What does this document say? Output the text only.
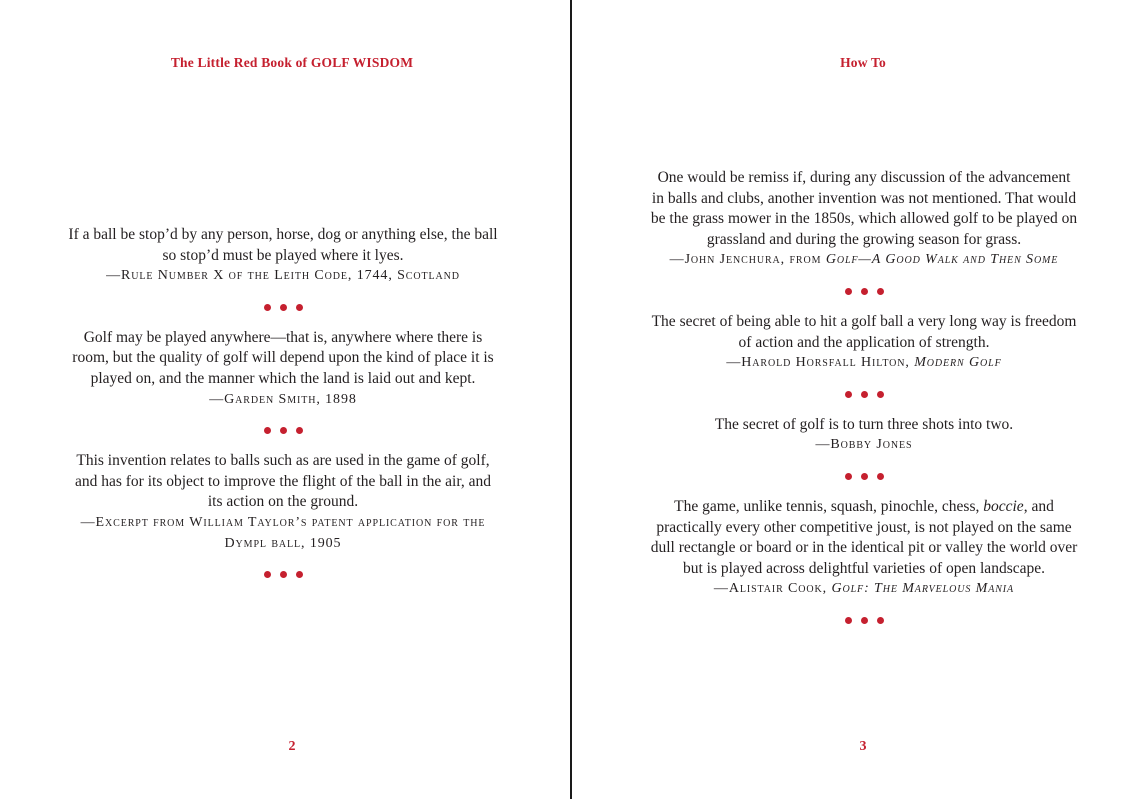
The Little Red Book of GOLF WISDOM

If a ball be stop’d by any person, horse, dog or anything else, the ball so stop’d must be played where it lyes.

—Rule Number X of the Leith Code, 1744, Scotland

Golf may be played anywhere—that is, anywhere where there is room, but the quality of golf will depend upon the kind of place it is played on, and the manner which the land is laid out and kept.

—Garden Smith, 1898

This invention relates to balls such as are used in the game of golf, and has for its object to improve the flight of the ball in the air, and its action on the ground.

—Excerpt from William Taylor’s patent application for the Dympl ball, 1905

2
How To

One would be remiss if, during any discussion of the advancement in balls and clubs, another invention was not mentioned. That would be the grass mower in the 1850s, which allowed golf to be played on grassland and during the growing season for grass.

—John Jenchura, from Golf—A Good Walk and Then Some

The secret of being able to hit a golf ball a very long way is freedom of action and the application of strength.

—Harold Horsfall Hilton, Modern Golf

The secret of golf is to turn three shots into two.

—Bobby Jones

The game, unlike tennis, squash, pinochle, chess, boccie, and practically every other competitive joust, is not played on the same dull rectangle or board or in the identical pit or valley the world over but is played across delightful varieties of open landscape.

—Alistair Cook, Golf: The Marvelous Mania

3
